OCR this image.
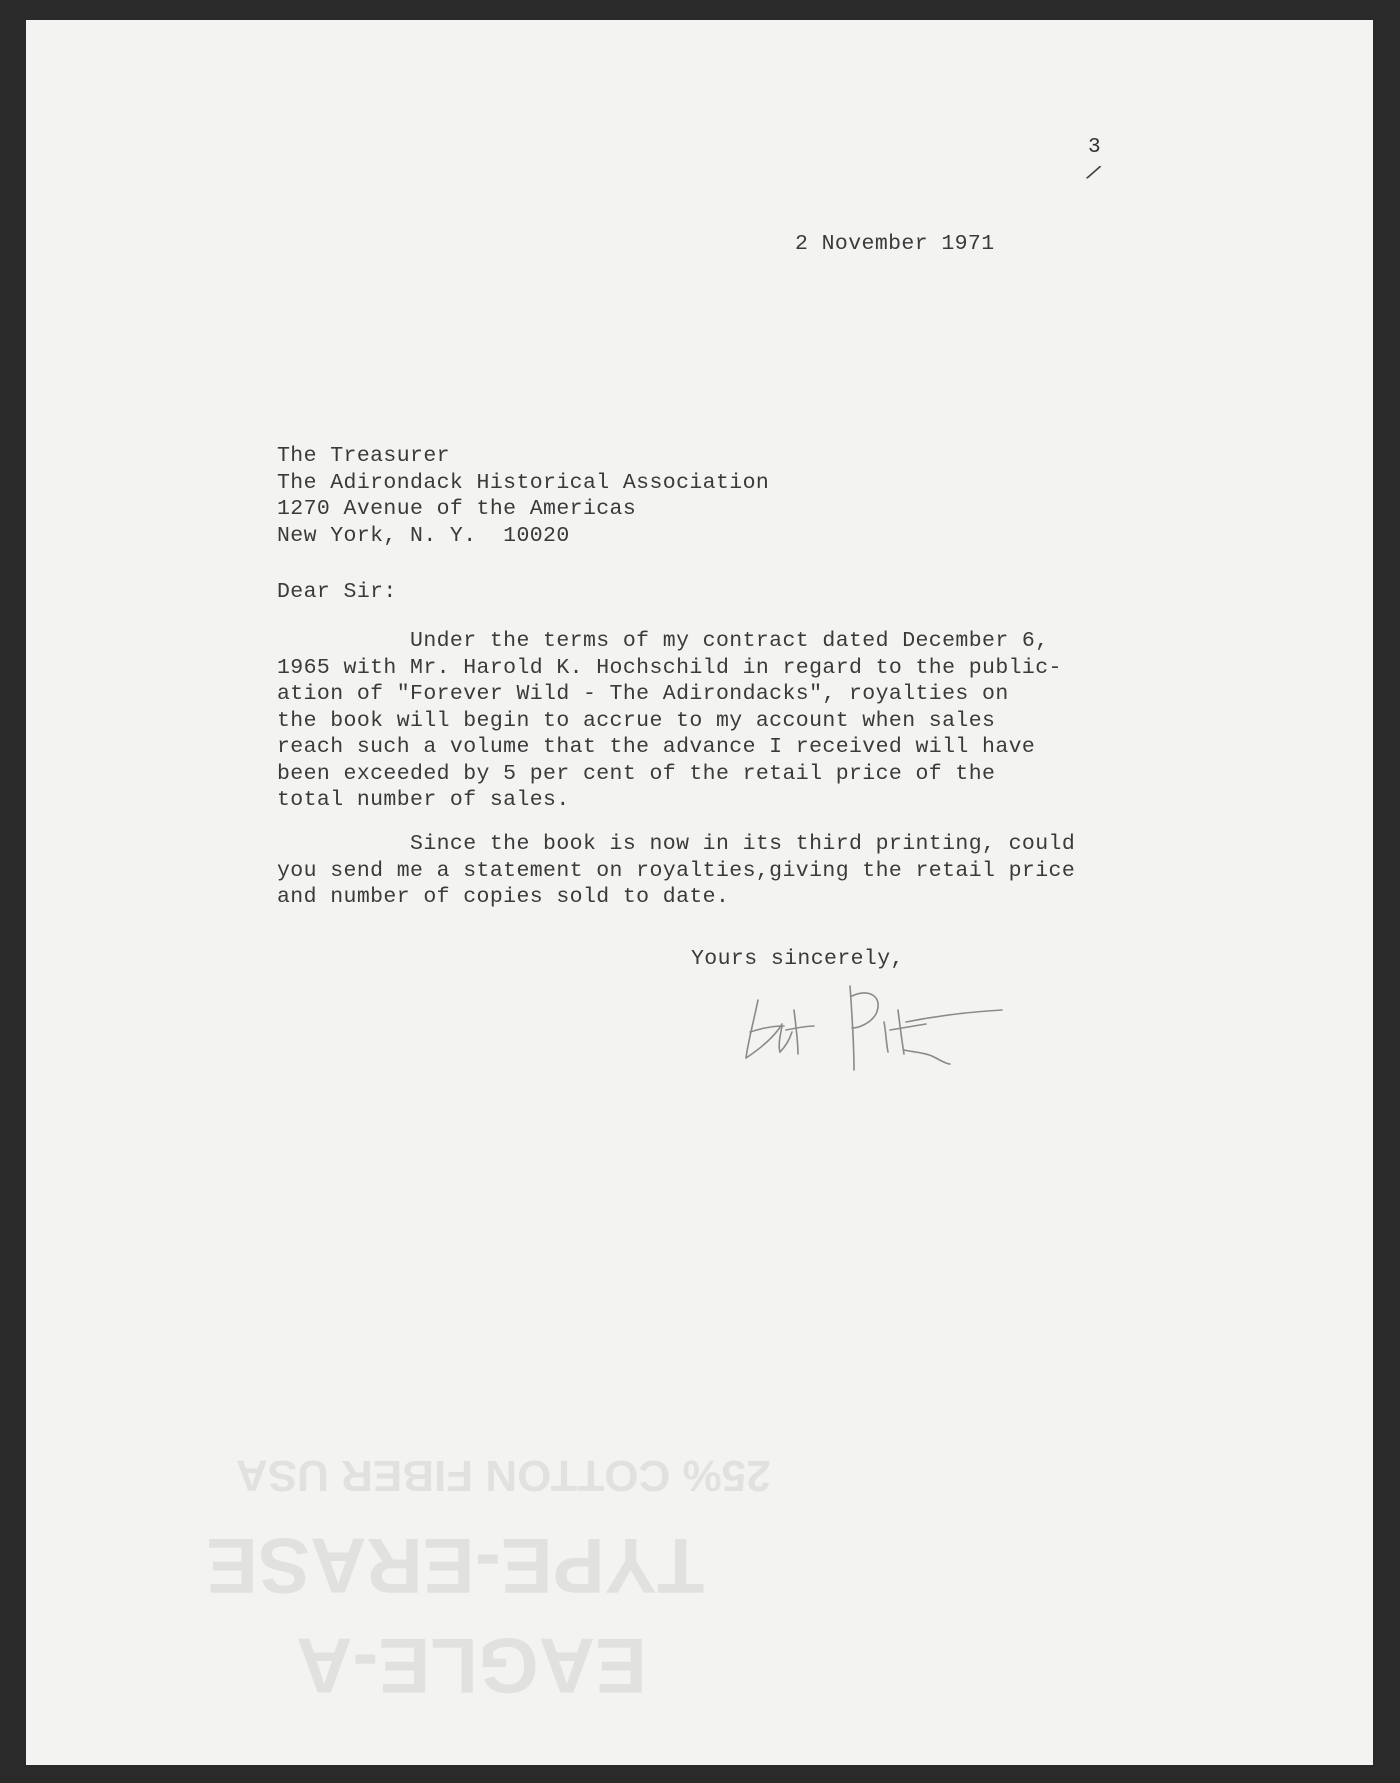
3
/
2 November 1971
The Treasurer
The Adirondack Historical Association
1270 Avenue of the Americas
New York, N. Y.  10020
Dear Sir:
Under the terms of my contract dated December 6,
1965 with Mr. Harold K. Hochschild in regard to the public-
ation of "Forever Wild - The Adirondacks", royalties on
the book will begin to accrue to my account when sales
reach such a volume that the advance I received will have
been exceeded by 5 per cent of the retail price of the
total number of sales.
Since the book is now in its third printing, could
you send me a statement on royalties,giving the retail price
and number of copies sold to date.
Yours sincerely,
25% COTTON FIBER USA
TYPE-ERASE
EAGLE-A
